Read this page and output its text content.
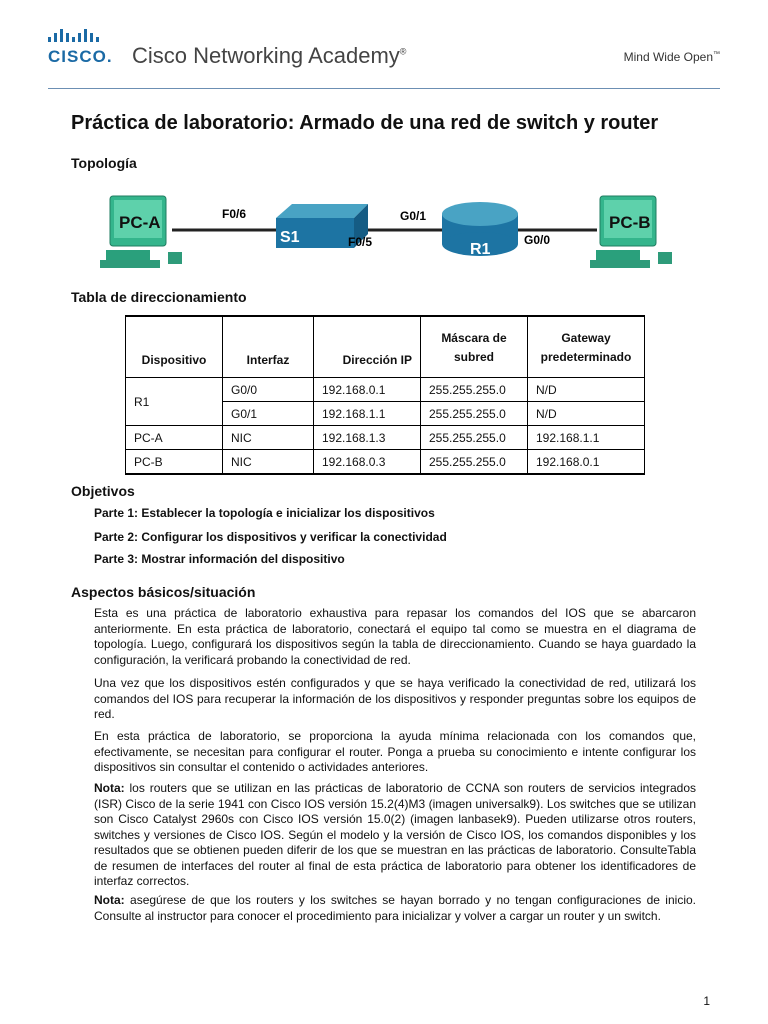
CISCO. Cisco Networking Academy®	Mind Wide Open™
Práctica de laboratorio: Armado de una red de switch y router
Topología
PC-A
S1
R1
PC-B
F0/6
F0/5
G0/1
G0/0
Tabla de direccionamiento
Dispositivo	Interfaz	Dirección IP	Máscara de subred	Gateway predeterminado
R1	G0/0	192.168.0.1	255.255.255.0	N/D
	G0/1	192.168.1.1	255.255.255.0	N/D
PC-A	NIC	192.168.1.3	255.255.255.0	192.168.1.1
PC-B	NIC	192.168.0.3	255.255.255.0	192.168.0.1
Objetivos
Parte 1: Establecer la topología e inicializar los dispositivos
Parte 2: Configurar los dispositivos y verificar la conectividad
Parte 3: Mostrar información del dispositivo
Aspectos básicos/situación

Esta es una práctica de laboratorio exhaustiva para repasar los comandos del IOS que se abarcaron anteriormente. En esta práctica de laboratorio, conectará el equipo tal como se muestra en el diagrama de topología. Luego, configurará los dispositivos según la tabla de direccionamiento. Cuando se haya guardado la configuración, la verificará probando la conectividad de red.

Una vez que los dispositivos estén configurados y que se haya verificado la conectividad de red, utilizará los comandos del IOS para recuperar la información de los dispositivos y responder preguntas sobre los equipos de red.

En esta práctica de laboratorio, se proporciona la ayuda mínima relacionada con los comandos que, efectivamente, se necesitan para configurar el router. Ponga a prueba su conocimiento e intente configurar los dispositivos sin consultar el contenido o actividades anteriores.

Nota: los routers que se utilizan en las prácticas de laboratorio de CCNA son routers de servicios integrados (ISR) Cisco de la serie 1941 con Cisco IOS versión 15.2(4)M3 (imagen universalk9). Los switches que se utilizan son Cisco Catalyst 2960s con Cisco IOS versión 15.0(2) (imagen lanbasek9). Pueden utilizarse otros routers, switches y versiones de Cisco IOS. Según el modelo y la versión de Cisco IOS, los comandos disponibles y los resultados que se obtienen pueden diferir de los que se muestran en las prácticas de laboratorio. ConsulteTabla de resumen de interfaces del router al final de esta práctica de laboratorio para obtener los identificadores de interfaz correctos.

Nota: asegúrese de que los routers y los switches se hayan borrado y no tengan configuraciones de inicio. Consulte al instructor para conocer el procedimiento para inicializar y volver a cargar un router y un switch.

1
